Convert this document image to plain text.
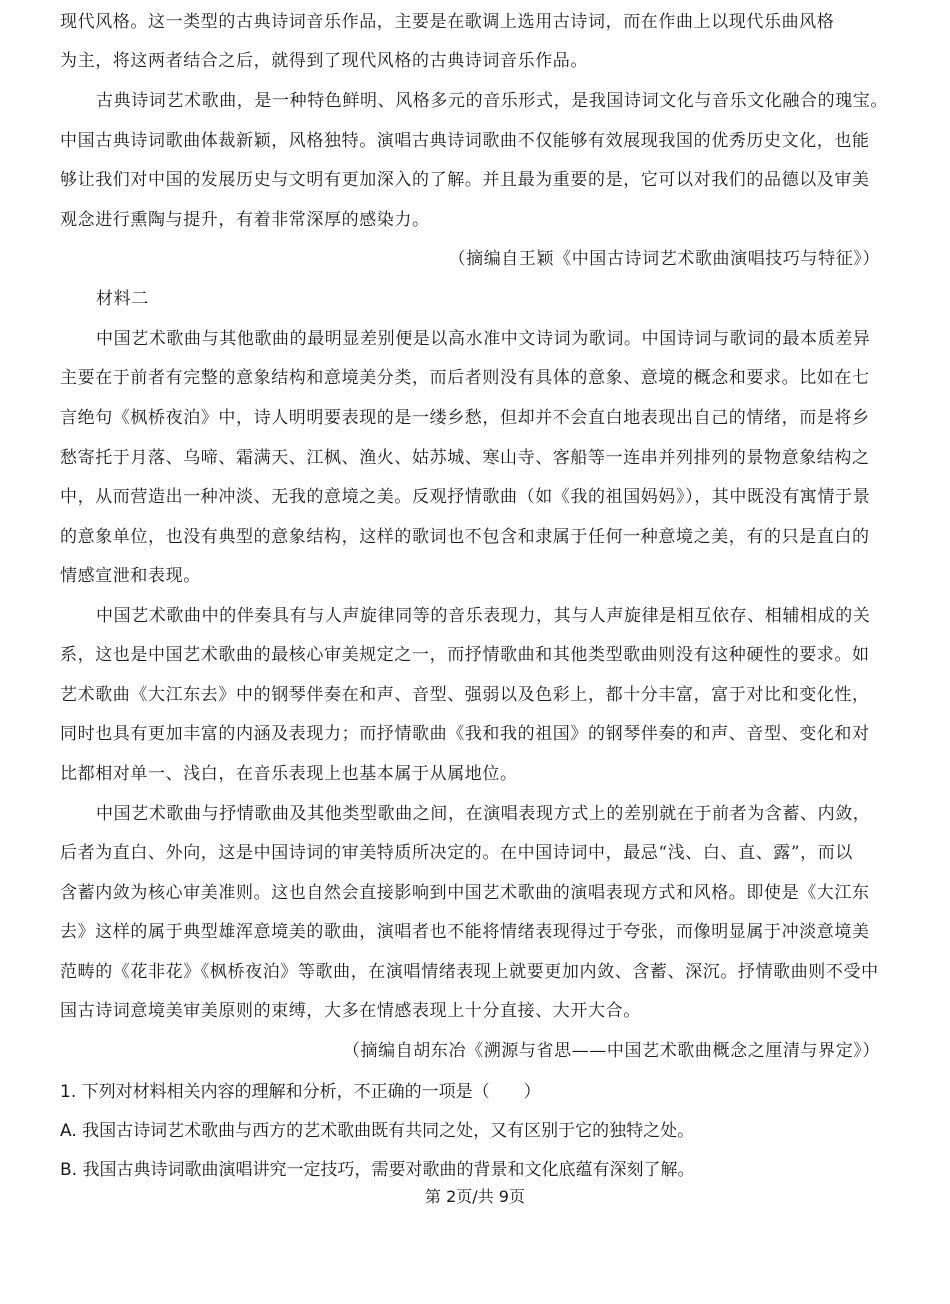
现代风格。这一类型的古典诗词音乐作品，主要是在歌调上选用古诗词，而在作曲上以现代乐曲风格
为主，将这两者结合之后，就得到了现代风格的古典诗词音乐作品。
古典诗词艺术歌曲，是一种特色鲜明、风格多元的音乐形式，是我国诗词文化与音乐文化融合的瑰宝。
中国古典诗词歌曲体裁新颖，风格独特。演唱古典诗词歌曲不仅能够有效展现我国的优秀历史文化，也能
够让我们对中国的发展历史与文明有更加深入的了解。并且最为重要的是，它可以对我们的品德以及审美
观念进行熏陶与提升，有着非常深厚的感染力。
（摘编自王颖《中国古诗词艺术歌曲演唱技巧与特征》）
材料二
中国艺术歌曲与其他歌曲的最明显差别便是以高水准中文诗词为歌词。中国诗词与歌词的最本质差异
主要在于前者有完整的意象结构和意境美分类，而后者则没有具体的意象、意境的概念和要求。比如在七
言绝句《枫桥夜泊》中，诗人明明要表现的是一缕乡愁，但却并不会直白地表现出自己的情绪，而是将乡
愁寄托于月落、乌啼、霜满天、江枫、渔火、姑苏城、寒山寺、客船等一连串并列排列的景物意象结构之
中，从而营造出一种冲淡、无我的意境之美。反观抒情歌曲（如《我的祖国妈妈》），其中既没有寓情于景
的意象单位，也没有典型的意象结构，这样的歌词也不包含和隶属于任何一种意境之美，有的只是直白的
情感宣泄和表现。
中国艺术歌曲中的伴奏具有与人声旋律同等的音乐表现力，其与人声旋律是相互依存、相辅相成的关
系，这也是中国艺术歌曲的最核心审美规定之一，而抒情歌曲和其他类型歌曲则没有这种硬性的要求。如
艺术歌曲《大江东去》中的钢琴伴奏在和声、音型、强弱以及色彩上，都十分丰富，富于对比和变化性，
同时也具有更加丰富的内涵及表现力；而抒情歌曲《我和我的祖国》的钢琴伴奏的和声、音型、变化和对
比都相对单一、浅白，在音乐表现上也基本属于从属地位。
中国艺术歌曲与抒情歌曲及其他类型歌曲之间，在演唱表现方式上的差别就在于前者为含蓄、内敛，
后者为直白、外向，这是中国诗词的审美特质所决定的。在中国诗词中，最忌“浅、白、直、露”，而以
含蓄内敛为核心审美准则。这也自然会直接影响到中国艺术歌曲的演唱表现方式和风格。即使是《大江东
去》这样的属于典型雄浑意境美的歌曲，演唱者也不能将情绪表现得过于夸张，而像明显属于冲淡意境美
范畴的《花非花》《枫桥夜泊》等歌曲，在演唱情绪表现上就要更加内敛、含蓄、深沉。抒情歌曲则不受中
国古诗词意境美审美原则的束缚，大多在情感表现上十分直接、大开大合。
（摘编自胡东冶《溯源与省思——中国艺术歌曲概念之厘清与界定》）
1. 下列对材料相关内容的理解和分析，不正确的一项是（　　）
A. 我国古诗词艺术歌曲与西方的艺术歌曲既有共同之处，又有区别于它的独特之处。
B. 我国古典诗词歌曲演唱讲究一定技巧，需要对歌曲的背景和文化底蕴有深刻了解。
第 2页/共 9页
